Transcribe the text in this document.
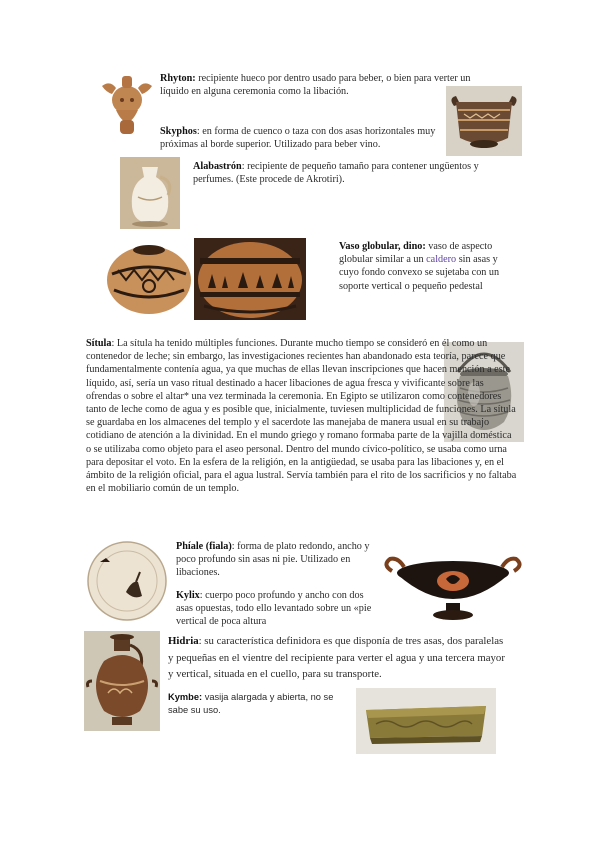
Rhyton: recipiente hueco por dentro usado para beber, o bien para verter un líquido en alguna ceremonia como la libación.
Skyphos: en forma de cuenco o taza con dos asas horizontales muy próximas al borde superior. Utilizado para beber vino.
Alabastrón: recipiente de pequeño tamaño para contener ungüentos y perfumes. (Este procede de Akrotiri).
Vaso globular, dino: vaso de aspecto globular similar a un caldero sin asas y cuyo fondo convexo se sujetaba con un soporte vertical o pequeño pedestal
Sítula: La sítula ha tenido múltiples funciones. Durante mucho tiempo se consideró en él como un contenedor de leche; sin embargo, las investigaciones recientes han abandonado esta teoría, parece que fundamentalmente contenía agua, ya que muchas de ellas llevan inscripciones que hacen mención a este líquido, así, sería un vaso ritual destinado a hacer libaciones de agua fresca y vivificante sobre las ofrendas o sobre el altar* una vez terminada la ceremonia. En Egipto se utilizaron como contenedores tanto de leche como de agua y es posible que, inicialmente, tuviesen multiplicidad de funciones. La sítula se guardaba en los almacenes del templo y el sacerdote las manejaba de manera usual en su trabajo cotidiano de atención a la divinidad. En el mundo griego y romano formaba parte de la vajilla doméstica o se utilizaba como objeto para el aseo personal. Dentro del mundo cívico-político, se usaba como urna para depositar el voto. En la esfera de la religión, en la antigüedad, se usaba para las libaciones y, en el ámbito de la religión oficial, para el agua lustral. Servía también para el rito de los sacrificios y no faltaba en el mobiliario común de un templo.
Phíale (fiala): forma de plato redondo, ancho y poco profundo sin asas ni pie. Utilizado en libaciones.
Kylix: cuerpo poco profundo y ancho con dos asas opuestas, todo ello levantado sobre un «pie vertical de poca altura
Hidria: su característica definidora es que disponía de tres asas, dos paralelas y pequeñas en el vientre del recipiente para verter el agua y una tercera mayor y vertical, situada en el cuello, para su transporte.
Kymbe: vasija alargada y abierta, no se sabe su uso.
